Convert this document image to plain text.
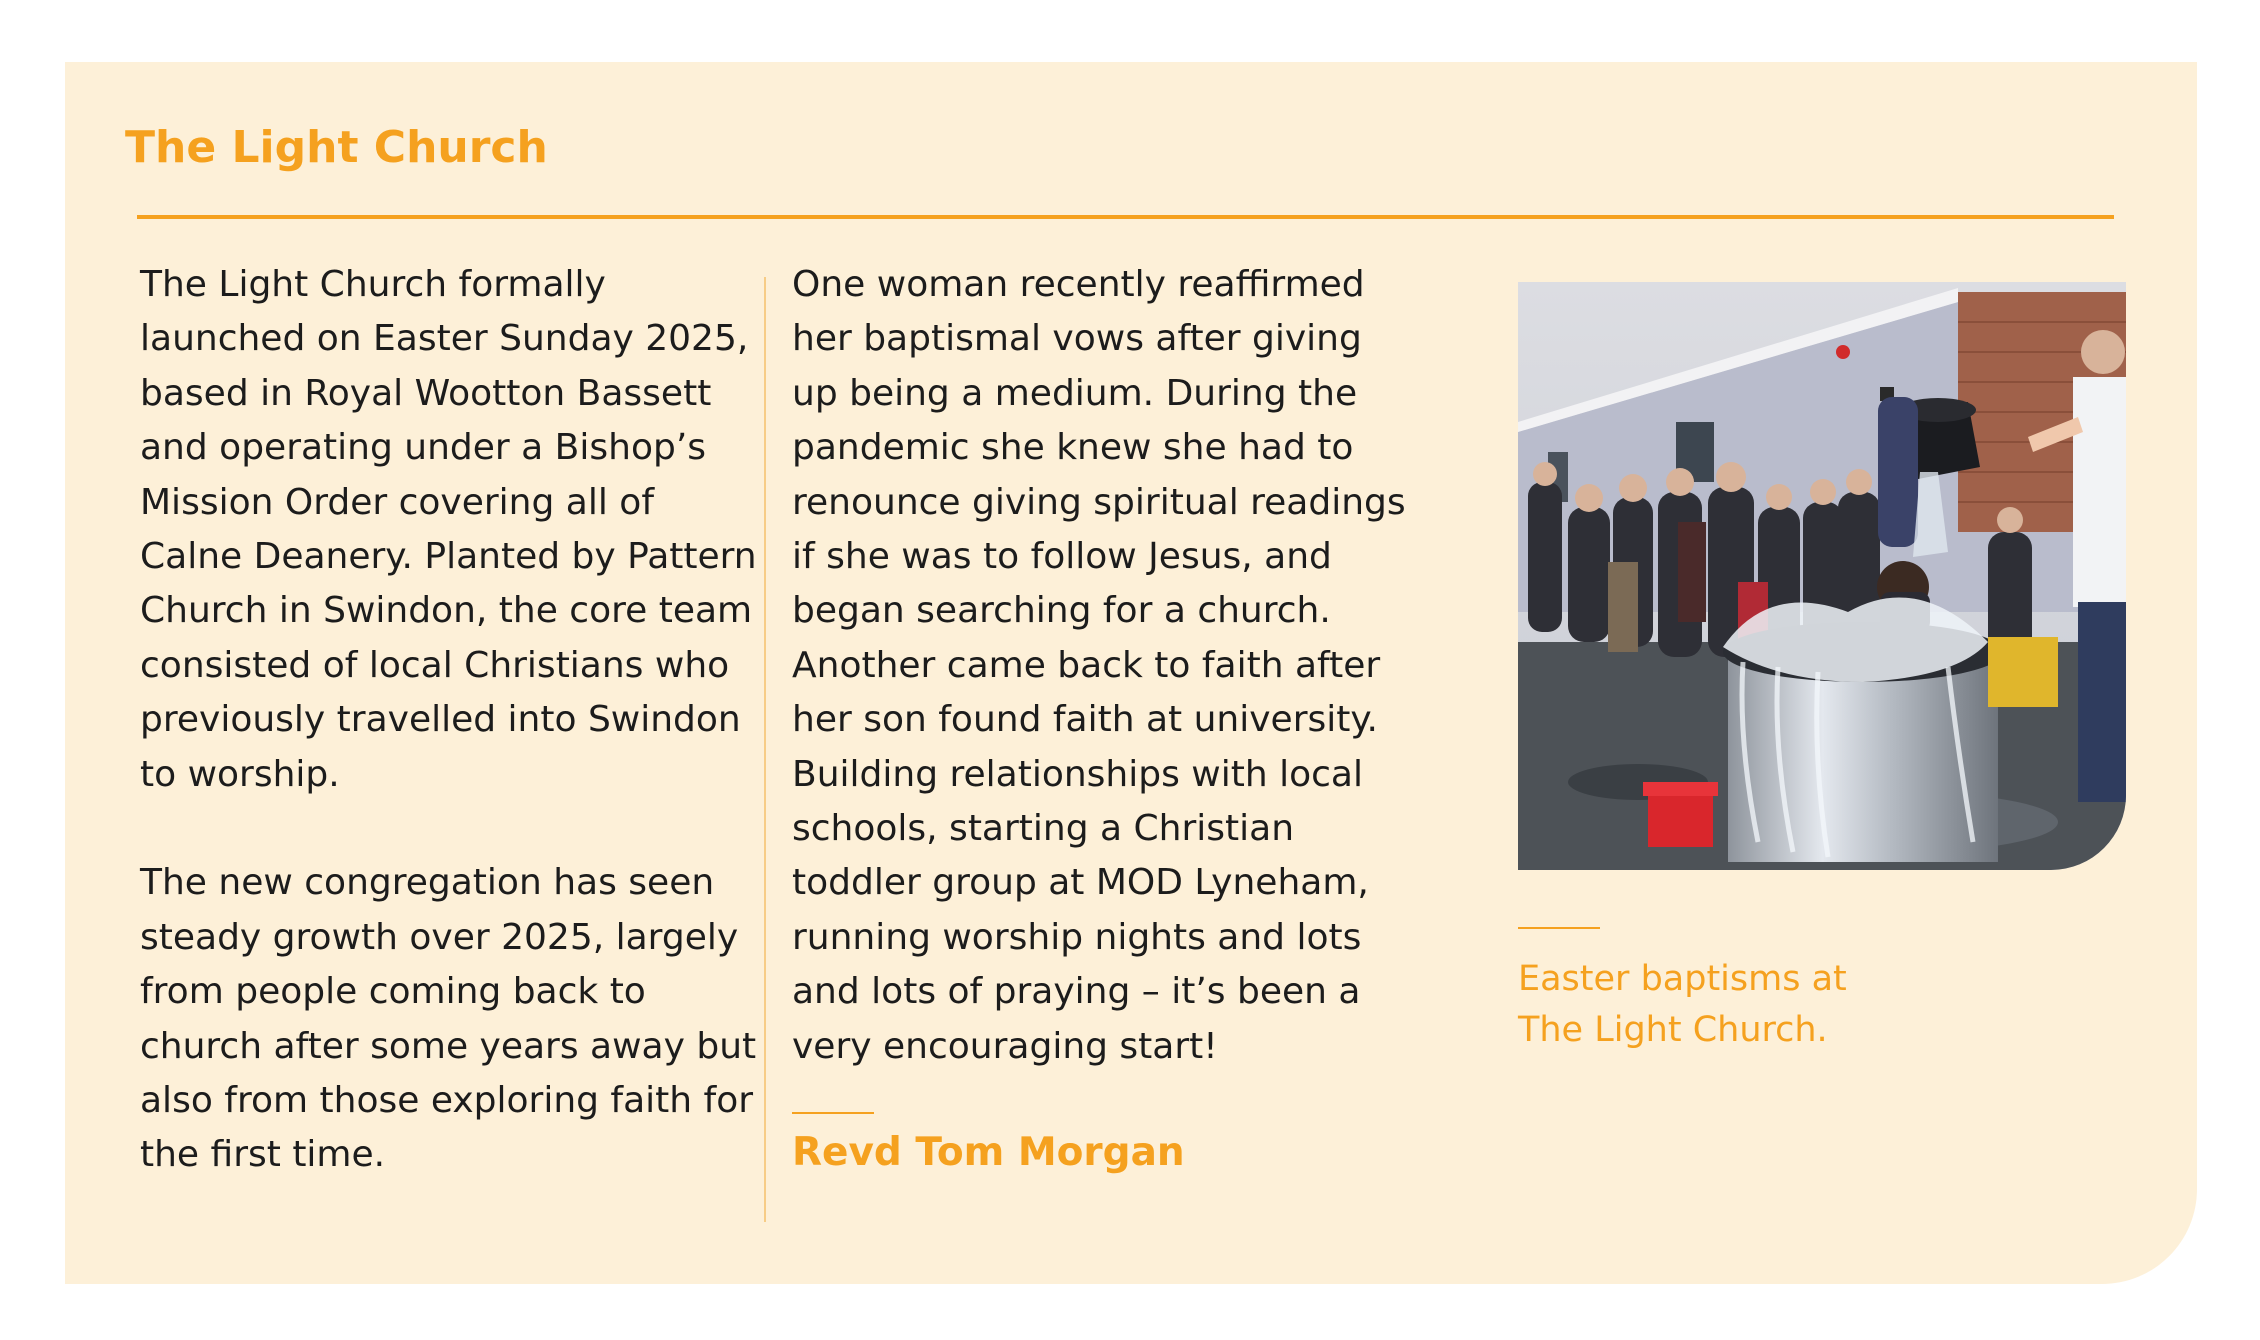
The Light Church

The Light Church formally
launched on Easter Sunday 2025,
based in Royal Wootton Bassett
and operating under a Bishop’s
Mission Order covering all of
Calne Deanery. Planted by Pattern
Church in Swindon, the core team
consisted of local Christians who
previously travelled into Swindon
to worship.

The new congregation has seen
steady growth over 2025, largely
from people coming back to
church after some years away but
also from those exploring faith for
the first time.

One woman recently reaffirmed
her baptismal vows after giving
up being a medium. During the
pandemic she knew she had to
renounce giving spiritual readings
if she was to follow Jesus, and
began searching for a church.
Another came back to faith after
her son found faith at university.
Building relationships with local
schools, starting a Christian
toddler group at MOD Lyneham,
running worship nights and lots
and lots of praying – it’s been a
very encouraging start!

Revd Tom Morgan
Easter baptisms at
The Light Church.
